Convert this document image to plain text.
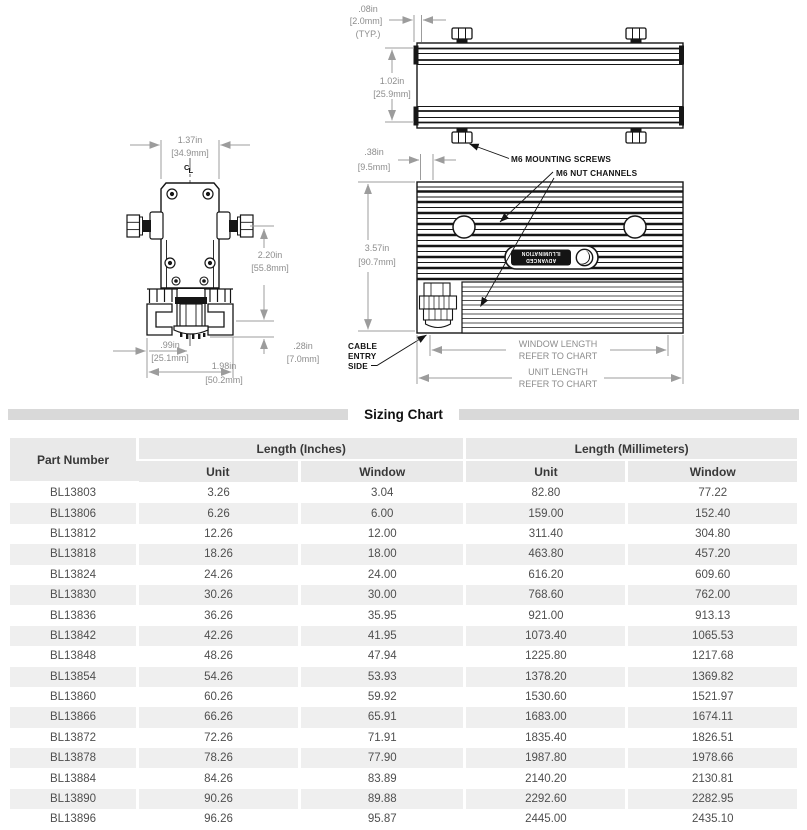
C L
1.37in
[34.9mm]
2.20in
[55.8mm]
.28in
[7.0mm]
.99in
[25.1mm]
1.98in
[50.2mm]
.08in
[2.0mm]
(TYP.)
1.02in
[25.9mm]
ADVANCED
ILLUMINATION
M6 MOUNTING SCREWS
M6 NUT CHANNELS
CABLE
ENTRY
SIDE
3.57in
[90.7mm]
.38in
[9.5mm]
WINDOW LENGTH
REFER TO CHART
UNIT LENGTH
REFER TO CHART
Sizing Chart
Part Number	Length (Inches)		Length (Millimeters)	
	Unit	Window	Unit	Window
BL13803	3.26	3.04	82.80	77.22
BL13806	6.26	6.00	159.00	152.40
BL13812	12.26	12.00	311.40	304.80
BL13818	18.26	18.00	463.80	457.20
BL13824	24.26	24.00	616.20	609.60
BL13830	30.26	30.00	768.60	762.00
BL13836	36.26	35.95	921.00	913.13
BL13842	42.26	41.95	1073.40	1065.53
BL13848	48.26	47.94	1225.80	1217.68
BL13854	54.26	53.93	1378.20	1369.82
BL13860	60.26	59.92	1530.60	1521.97
BL13866	66.26	65.91	1683.00	1674.11
BL13872	72.26	71.91	1835.40	1826.51
BL13878	78.26	77.90	1987.80	1978.66
BL13884	84.26	83.89	2140.20	2130.81
BL13890	90.26	89.88	2292.60	2282.95
BL13896	96.26	95.87	2445.00	2435.10
